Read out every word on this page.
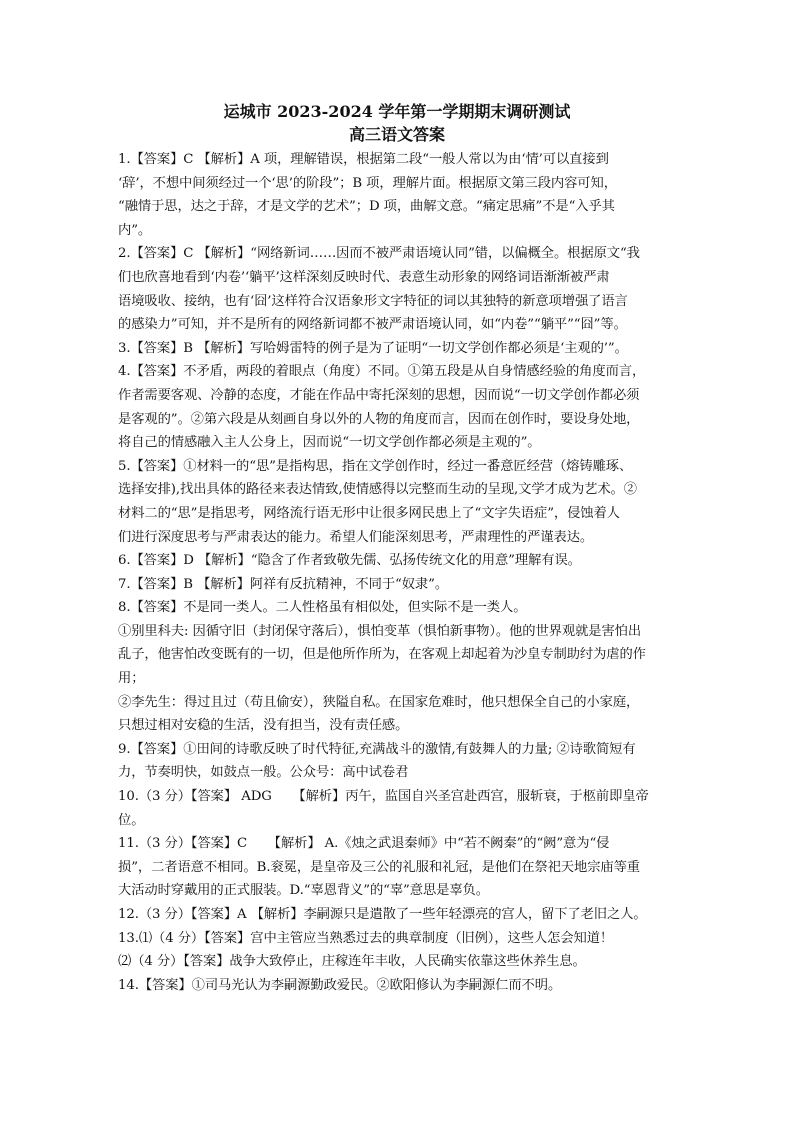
运城市 2023-2024 学年第一学期期末调研测试
高三语文答案

1.【答案】C 【解析】A 项，理解错误，根据第二段“一般人常以为由‘情’可以直接到

‘辞’，不想中间须经过一个‘思’的阶段”；B 项，理解片面。根据原文第三段内容可知，

“融情于思，达之于辞，才是文学的艺术”；D 项，曲解文意。“痛定思痛”不是“入乎其

内”。

2.【答案】C 【解析】“网络新词……因而不被严肃语境认同”错，以偏概全。根据原文“我

们也欣喜地看到‘内卷’‘躺平’这样深刻反映时代、表意生动形象的网络词语渐渐被严肃

语境吸收、接纳，也有‘囧’这样符合汉语象形文字特征的词以其独特的新意项增强了语言

的感染力”可知，并不是所有的网络新词都不被严肃语境认同，如“内卷”“躺平”“囧”等。

3.【答案】B 【解析】写哈姆雷特的例子是为了证明“一切文学创作都必须是‘主观的’”。

4.【答案】不矛盾，两段的着眼点（角度）不同。①第五段是从自身情感经验的角度而言，

作者需要客观、冷静的态度，才能在作品中寄托深刻的思想，因而说“一切文学创作都必须

是客观的”。②第六段是从刻画自身以外的人物的角度而言，因而在创作时，要设身处地，

将自己的情感融入主人公身上，因而说“一切文学创作都必须是主观的”。

5.【答案】①材料一的“思”是指构思，指在文学创作时，经过一番意匠经营（熔铸雕琢、

选择安排),找出具体的路径来表达情致,使情感得以完整而生动的呈现,文学才成为艺术。②

材料二的“思”是指思考，网络流行语无形中让很多网民患上了“文字失语症”，侵蚀着人

们进行深度思考与严肃表达的能力。希望人们能深刻思考，严肃理性的严谨表达。

6.【答案】D 【解析】“隐含了作者致敬先儒、弘扬传统文化的用意”理解有误。

7.【答案】B 【解析】阿祥有反抗精神，不同于“奴隶”。

8.【答案】不是同一类人。二人性格虽有相似处，但实际不是一类人。

①别里科夫: 因循守旧（封闭保守落后），惧怕变革（惧怕新事物）。他的世界观就是害怕出

乱子，他害怕改变既有的一切，但是他所作所为，在客观上却起着为沙皇专制助纣为虐的作

用；

②李先生：得过且过（苟且偷安），狭隘自私。在国家危难时，他只想保全自己的小家庭，

只想过相对安稳的生活，没有担当，没有责任感。

9.【答案】①田间的诗歌反映了时代特征,充满战斗的激情,有鼓舞人的力量; ②诗歌简短有

力，节奏明快，如鼓点一般。公众号：高中试卷君

10.（3 分）【答案】 ADG     【解析】丙午，监国自兴圣宫赴西宫，服斩衰，于柩前即皇帝

位。

11.（3 分）【答案】C     【解析】 A.《烛之武退秦师》中“若不阙秦”的“阙”意为“侵

损”，二者语意不相同。B.衮冕，是皇帝及三公的礼服和礼冠，是他们在祭祀天地宗庙等重

大活动时穿戴用的正式服装。D.“辜恩背义”的“辜”意思是辜负。

12.（3 分）【答案】A 【解析】李嗣源只是遣散了一些年轻漂亮的宫人，留下了老旧之人。

13.⑴（4 分）【答案】宫中主管应当熟悉过去的典章制度（旧例），这些人怎会知道！

⑵（4 分）【答案】战争大致停止，庄稼连年丰收，人民确实依靠这些休养生息。

14.【答案】①司马光认为李嗣源勤政爱民。②欧阳修认为李嗣源仁而不明。
